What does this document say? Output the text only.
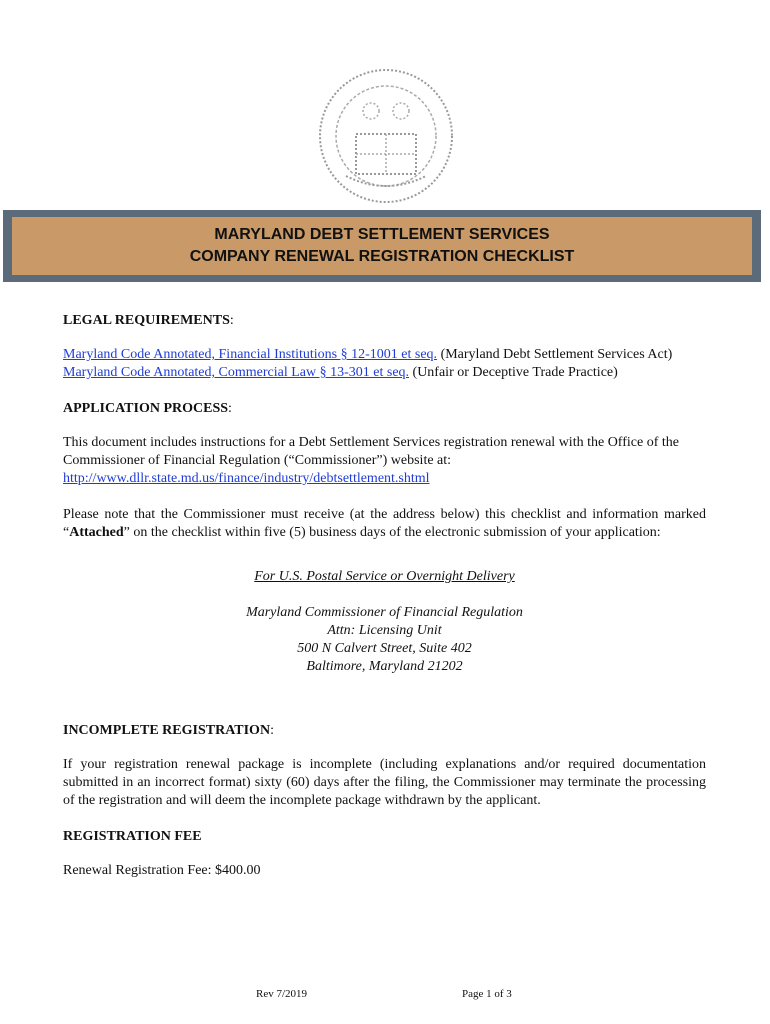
MARYLAND DEBT SETTLEMENT SERVICES
COMPANY RENEWAL REGISTRATION CHECKLIST

LEGAL REQUIREMENTS:

Maryland Code Annotated, Financial Institutions § 12-1001 et seq. (Maryland Debt Settlement Services Act)

Maryland Code Annotated, Commercial Law § 13-301 et seq. (Unfair or Deceptive Trade Practice)

APPLICATION PROCESS:

This document includes instructions for a Debt Settlement Services registration renewal with the Office of the Commissioner of Financial Regulation (“Commissioner”) website at:

http://www.dllr.state.md.us/finance/industry/debtsettlement.shtml

Please note that the Commissioner must receive (at the address below) this checklist and information marked “Attached” on the checklist within five (5) business days of the electronic submission of your application:

For U.S. Postal Service or Overnight Delivery

Maryland Commissioner of Financial Regulation
Attn: Licensing Unit
500 N Calvert Street, Suite 402
Baltimore, Maryland 21202

INCOMPLETE REGISTRATION:

If your registration renewal package is incomplete (including explanations and/or required documentation submitted in an incorrect format) sixty (60) days after the filing, the Commissioner may terminate the processing of the registration and will deem the incomplete package withdrawn by the applicant.

REGISTRATION FEE

Renewal Registration Fee: $400.00

Rev 7/2019	Page 1 of 3
